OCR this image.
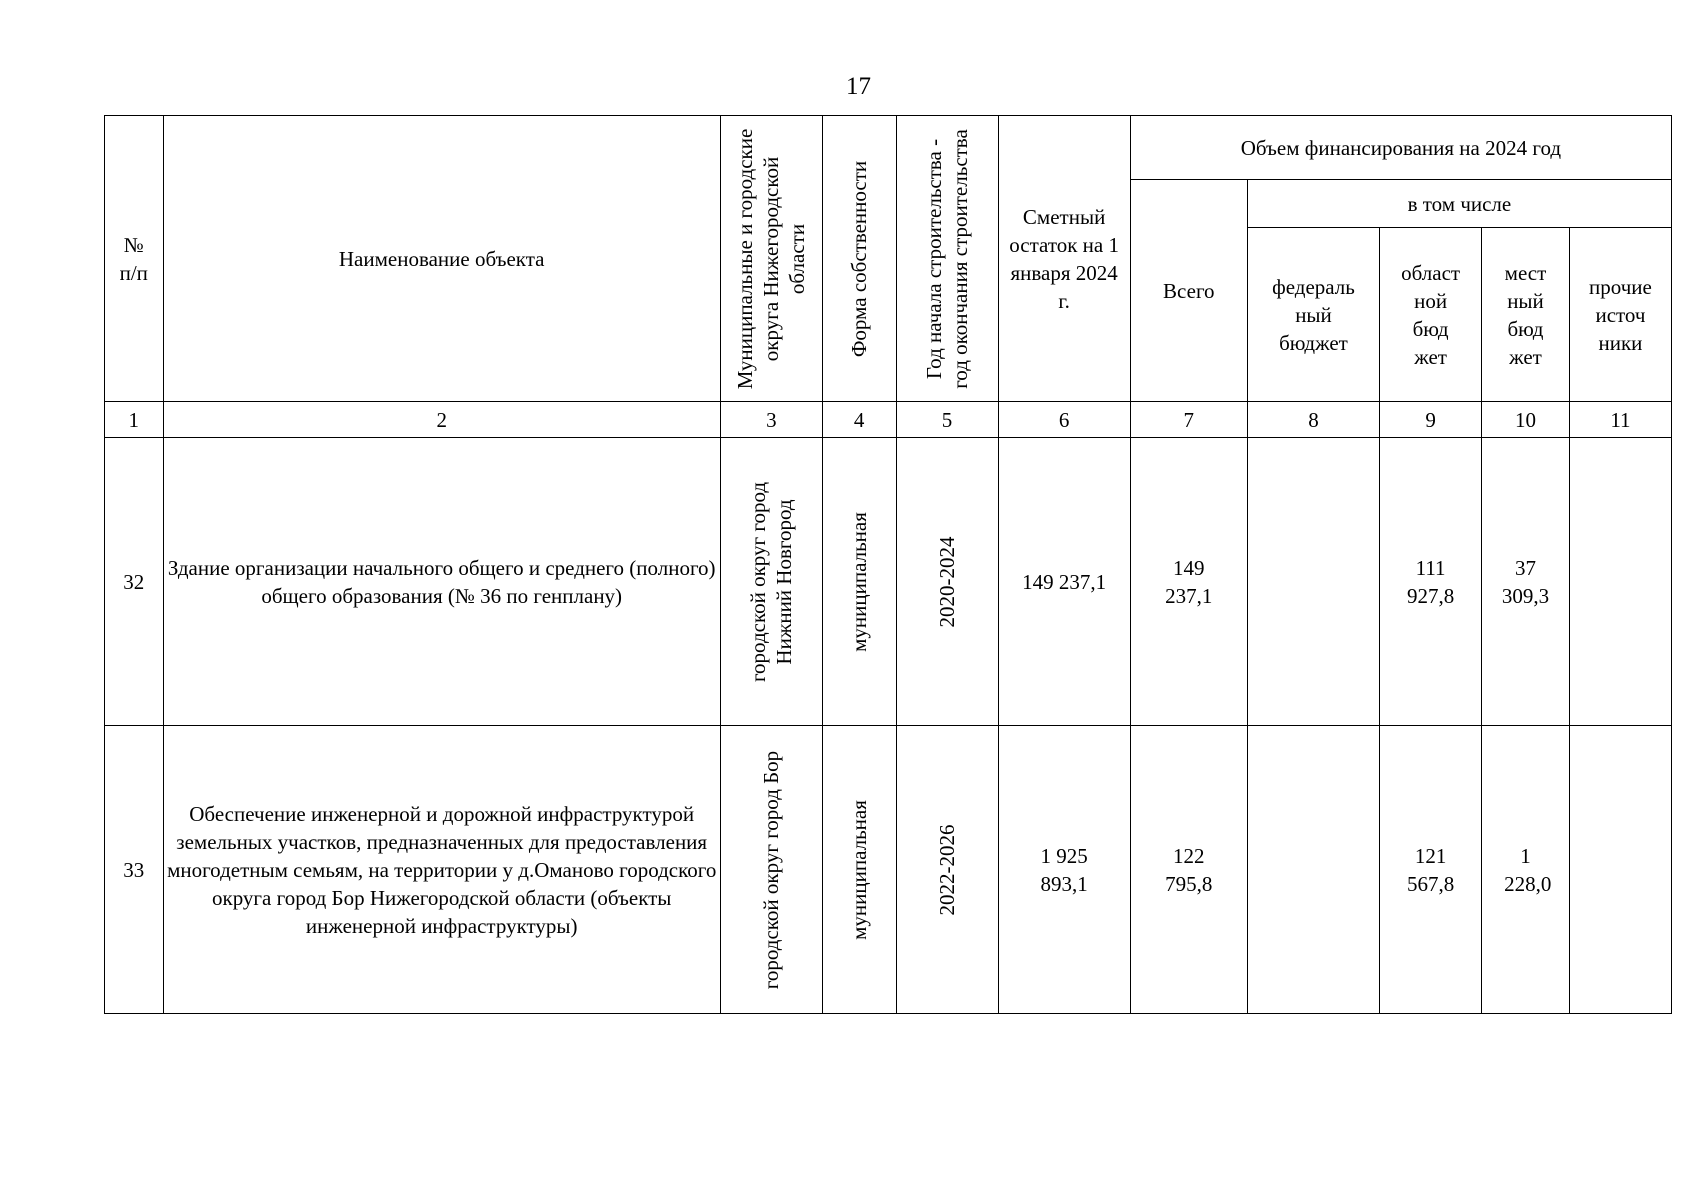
17
№ п/п	Наименование объекта	Муниципальные и городские округа Нижегородской области	Форма собственности	Год начала строительства - год окончания строительства	Сметный остаток на 1 января 2024 г.	Объем финансирования на 2024 год				

						Всего	в том числе			

							федераль ный бюджет	област ной бюд жет	мест ный бюд жет	прочие источ ники

1	2	3	4	5	6	7	8	9	10	11
32	Здание организации начального общего и среднего (полного) общего образования (№ 36 по генплану)	городской округ город Нижний Новгород	муниципальная	2020-2024	149 237,1	149 237,1		111 927,8	37 309,3	

33	Обеспечение инженерной и дорожной инфраструктурой земельных участков, предназначенных для предоставления многодетным семьям, на территории у д.Оманово городского округа город Бор Нижегородской области (объекты инженерной инфраструктуры)	городской округ город Бор	муниципальная	2022-2026	1 925 893,1	122 795,8		121 567,8	1 228,0	
